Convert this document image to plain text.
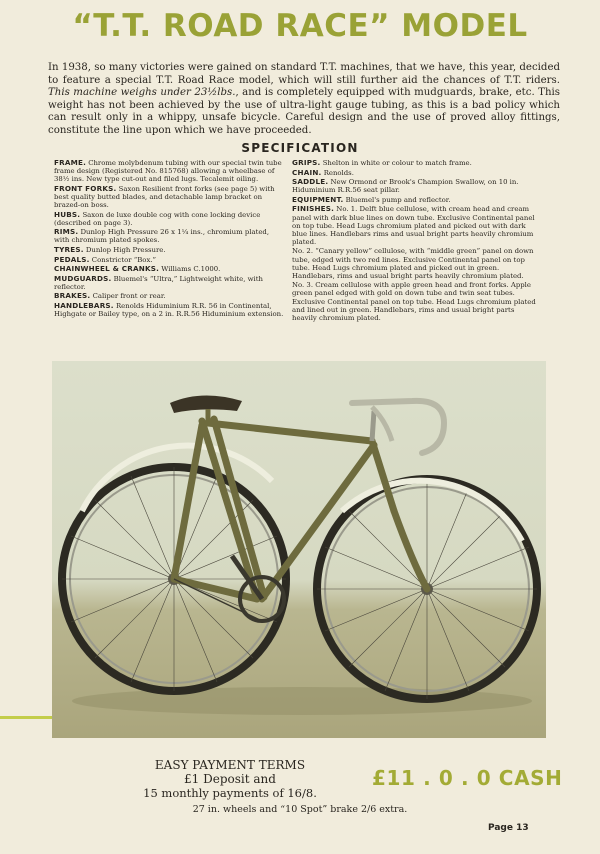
“T.T. ROAD RACE” MODEL
In 1938, so many victories were gained on standard T.T. machines, that we have, this year, decided to feature a special T.T. Road Race model, which will still further aid the chances of T.T. riders. This machine weighs under 23½lbs., and is completely equipped with mudguards, brake, etc. This weight has not been achieved by the use of ultra-light gauge tubing, as this is a bad policy which can result only in a whippy, unsafe bicycle. Careful design and the use of proved alloy fittings, constitute the line upon which we have proceeded.
SPECIFICATION
FRAME. Chrome molybdenum tubing with our special twin tube frame design (Registered No. 815768) allowing a wheelbase of 38½ ins. New type cut-out and filed lugs. Tecalemit oiling.
FRONT FORKS. Saxon Resilient front forks (see page 5) with best quality butted blades, and detachable lamp bracket on brazed-on boss.
HUBS. Saxon de luxe double cog with cone locking device (described on page 3).
RIMS. Dunlop High Pressure 26 x 1¼ ins., chromium plated, with chromium plated spokes.
TYRES. Dunlop High Pressure.
PEDALS. Constrictor “Box.”
CHAINWHEEL & CRANKS. Williams C.1000.
MUDGUARDS. Bluemel's “Ultra,” Lightweight white, with reflector.
BRAKES. Caliper front or rear.
HANDLEBARS. Renolds Hiduminium R.R. 56 in Continental, Highgate or Bailey type, on a 2 in. R.R.56 Hiduminium extension.
GRIPS. Shelton in white or colour to match frame.
CHAIN. Renolds.
SADDLE. New Ormond or Brook's Champion Swallow, on 10 in. Hiduminium R.R.56 seat pillar.
EQUIPMENT. Bluemel's pump and reflector.
FINISHES. No. 1. Delft blue cellulose, with cream head and cream panel with dark blue lines on down tube. Exclusive Continental panel on top tube. Head Lugs chromium plated and picked out with dark blue lines. Handlebars rims and usual bright parts heavily chromium plated.
No. 2. “Canary yellow” cellulose, with “middle green” panel on down tube, edged with two red lines. Exclusive Continental panel on top tube. Head Lugs chromium plated and picked out in green. Handlebars, rims and usual bright parts heavily chromium plated.
No. 3. Cream cellulose with apple green head and front forks. Apple green panel edged with gold on down tube and twin seat tubes. Exclusive Continental panel on top tube. Head Lugs chromium plated and lined out in green. Handlebars, rims and usual bright parts heavily chromium plated.
EASY PAYMENT TERMS
£1 Deposit and
15 monthly payments of 16/8.
£11 . 0 . 0 CASH
27 in. wheels and “10 Spot” brake 2/6 extra.
Page 13
